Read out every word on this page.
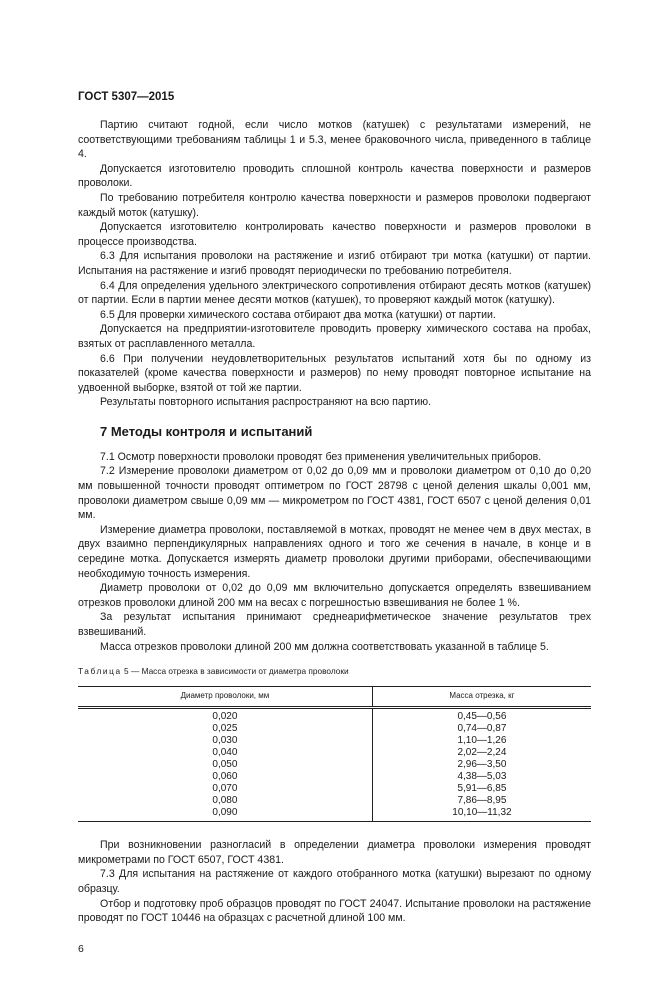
ГОСТ 5307—2015

Партию считают годной, если число мотков (катушек) с результатами измерений, не соответствующими требованиям таблицы 1 и 5.3, менее браковочного числа, приведенного в таблице 4.

Допускается изготовителю проводить сплошной контроль качества поверхности и размеров проволоки.

По требованию потребителя контролю качества поверхности и размеров проволоки подвергают каждый моток (катушку).

Допускается изготовителю контролировать качество поверхности и размеров проволоки в процессе производства.

6.3 Для испытания проволоки на растяжение и изгиб отбирают три мотка (катушки) от партии. Испытания на растяжение и изгиб проводят периодически по требованию потребителя.

6.4 Для определения удельного электрического сопротивления отбирают десять мотков (катушек) от партии. Если в партии менее десяти мотков (катушек), то проверяют каждый моток (катушку).

6.5 Для проверки химического состава отбирают два мотка (катушки) от партии.

Допускается на предприятии-изготовителе проводить проверку химического состава на пробах, взятых от расплавленного металла.

6.6 При получении неудовлетворительных результатов испытаний хотя бы по одному из показателей (кроме качества поверхности и размеров) по нему проводят повторное испытание на удвоенной выборке, взятой от той же партии.

Результаты повторного испытания распространяют на всю партию.

7 Методы контроля и испытаний

7.1 Осмотр поверхности проволоки проводят без применения увеличительных приборов.

7.2 Измерение проволоки диаметром от 0,02 до 0,09 мм и проволоки диаметром от 0,10 до 0,20 мм повышенной точности проводят оптиметром по ГОСТ 28798 с ценой деления шкалы 0,001 мм, проволоки диаметром свыше 0,09 мм — микрометром по ГОСТ 4381, ГОСТ 6507 с ценой деления 0,01 мм.

Измерение диаметра проволоки, поставляемой в мотках, проводят не менее чем в двух местах, в двух взаимно перпендикулярных направлениях одного и того же сечения в начале, в конце и в середине мотка. Допускается измерять диаметр проволоки другими приборами, обеспечивающими необходимую точность измерения.

Диаметр проволоки от 0,02 до 0,09 мм включительно допускается определять взвешиванием отрезков проволоки длиной 200 мм на весах с погрешностью взвешивания не более 1 %.

За результат испытания принимают среднеарифметическое значение результатов трех взвешиваний.

Масса отрезков проволоки длиной 200 мм должна соответствовать указанной в таблице 5.

Таблица 5 — Масса отрезка в зависимости от диаметра проволоки

Диаметр проволоки, мм	Масса отрезка, кг
0,020	0,45—0,56
0,025	0,74—0,87
0,030	1,10—1,26
0,040	2,02—2,24
0,050	2,96—3,50
0,060	4,38—5,03
0,070	5,91—6,85
0,080	7,86—8,95
0,090	10,10—11,32

При возникновении разногласий в определении диаметра проволоки измерения проводят микрометрами по ГОСТ 6507, ГОСТ 4381.

7.3 Для испытания на растяжение от каждого отобранного мотка (катушки) вырезают по одному образцу.

Отбор и подготовку проб образцов проводят по ГОСТ 24047. Испытание проволоки на растяжение проводят по ГОСТ 10446 на образцах с расчетной длиной 100 мм.

6
